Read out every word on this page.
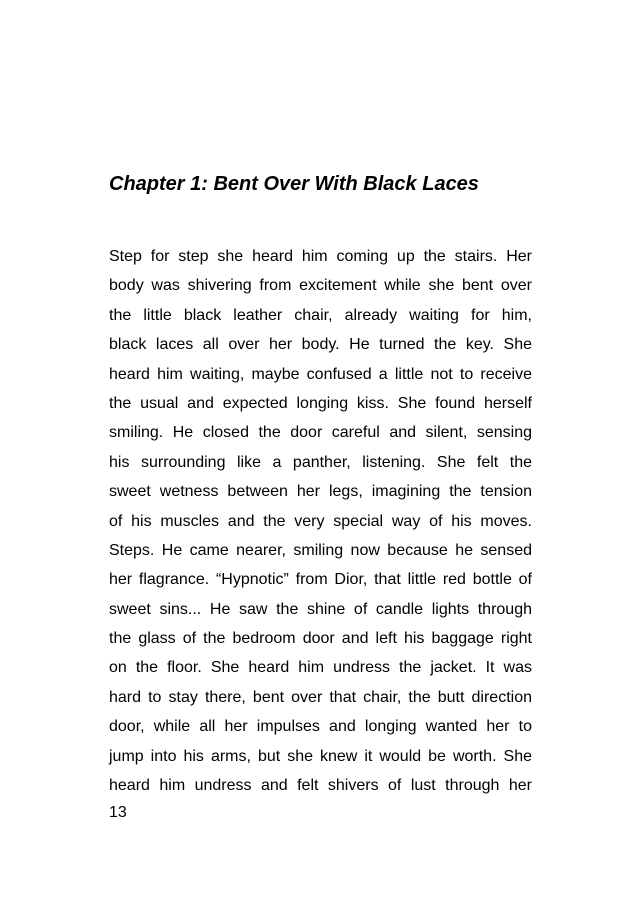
Chapter 1: Bent Over With Black Laces
Step for step she heard him coming up the stairs. Her
body was shivering from excitement while she bent over
the little black leather chair, already waiting for him,
black laces all over her body. He turned the key. She
heard him waiting, maybe confused a little not to receive
the usual and expected longing kiss. She found herself
smiling. He closed the door careful and silent, sensing
his surrounding like a panther, listening. She felt the
sweet wetness between her legs, imagining the tension
of his muscles and the very special way of his moves.
Steps. He came nearer, smiling now because he sensed
her flagrance. “Hypnotic” from Dior, that little red bottle of
sweet sins... He saw the shine of candle lights through
the glass of the bedroom door and left his baggage right
on the floor. She heard him undress the jacket. It was
hard to stay there, bent over that chair, the butt direction
door, while all her impulses and longing wanted her to
jump into his arms, but she knew it would be worth. She
heard him undress and felt shivers of lust through her

13
